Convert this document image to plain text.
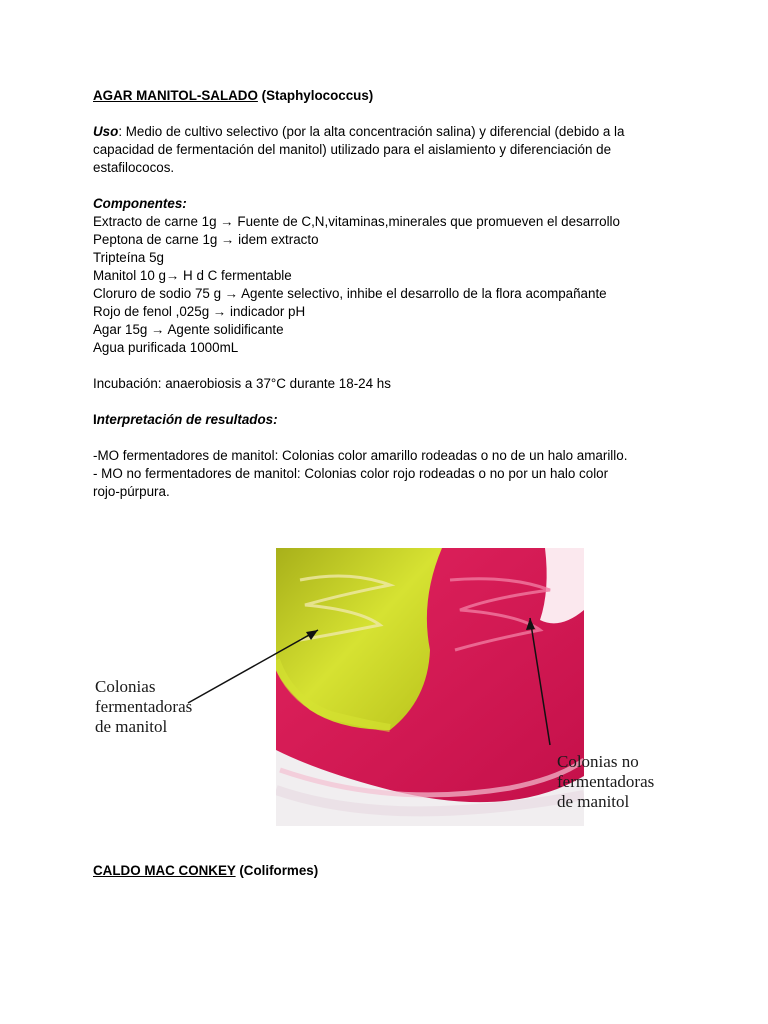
AGAR MANITOL-SALADO (Staphylococcus)

Uso: Medio de cultivo selectivo (por la alta concentración salina) y diferencial (debido a la

capacidad de fermentación del manitol) utilizado para el aislamiento y diferenciación de

estafilococos.

Componentes:

Extracto de carne 1g → Fuente de C,N,vitaminas,minerales que promueven el desarrollo

Peptona de carne 1g → idem extracto

Tripteína 5g

Manitol 10 g→ H d C fermentable

Cloruro de sodio 75 g → Agente selectivo, inhibe el desarrollo de la flora acompañante

Rojo de fenol ,025g → indicador pH

Agar 15g → Agente solidificante

Agua purificada 1000mL

Incubación: anaerobiosis a 37°C durante 18-24 hs

Interpretación de resultados:

-MO fermentadores de manitol: Colonias color amarillo rodeadas o no de un halo amarillo.

- MO no fermentadores de manitol: Colonias color rojo rodeadas o no por un halo color

rojo-púrpura.

Colonias
fermentadoras
de manitol
Colonias no
fermentadoras
de manitol

CALDO MAC CONKEY (Coliformes)
